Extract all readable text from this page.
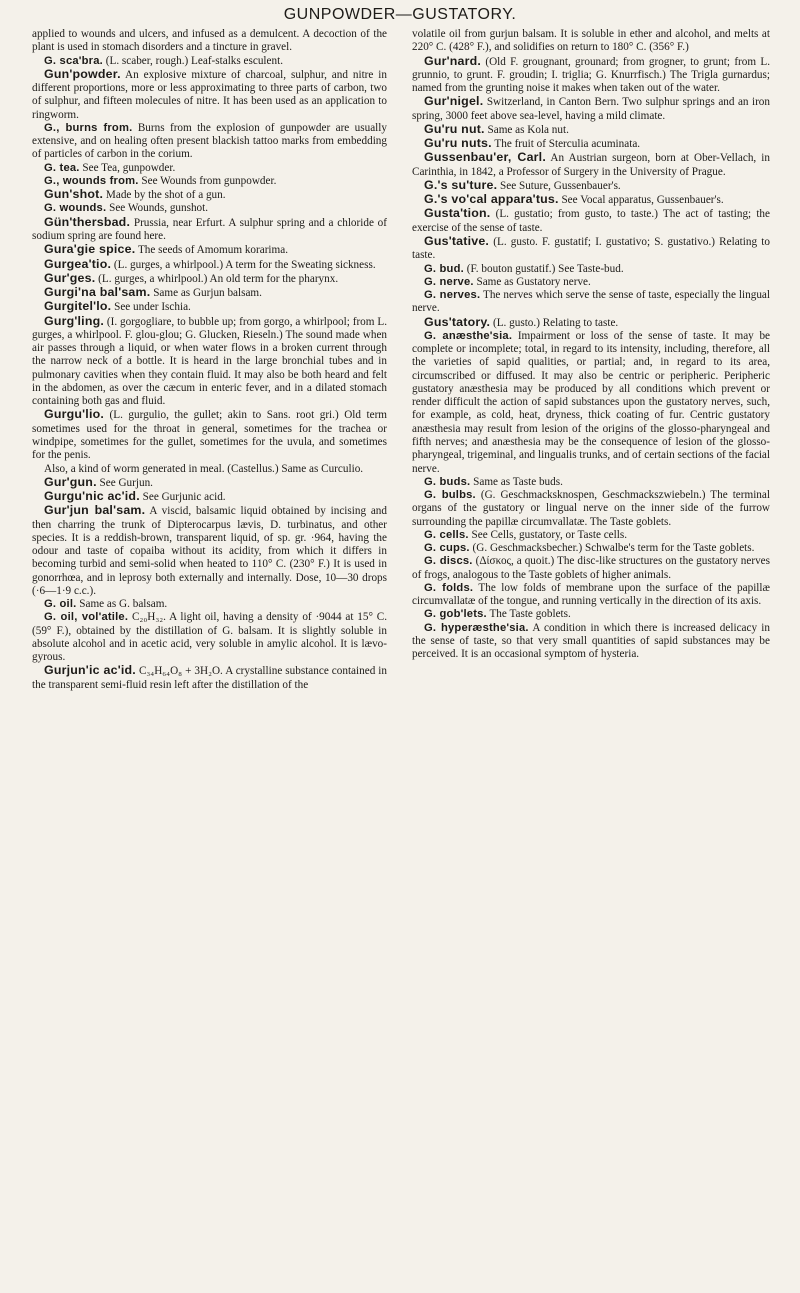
GUNPOWDER—GUSTATORY.

applied to wounds and ulcers, and infused as a demulcent. A decoction of the plant is used in stomach disorders and a tincture in gravel.

G. sca'bra. (L. scaber, rough.) Leaf-stalks esculent.

Gun'powder. An explosive mixture of charcoal, sulphur, and nitre in different proportions, more or less approximating to three parts of carbon, two of sulphur, and fifteen molecules of nitre. It has been used as an application to ringworm.

G., burns from. Burns from the explosion of gunpowder are usually extensive, and on healing often present blackish tattoo marks from embedding of particles of carbon in the corium.

G. tea. See Tea, gunpowder.

G., wounds from. See Wounds from gunpowder.

Gun'shot. Made by the shot of a gun.

G. wounds. See Wounds, gunshot.

Gün'thersbad. Prussia, near Erfurt. A sulphur spring and a chloride of sodium spring are found here.

Gura'gie spice. The seeds of Amomum korarima.

Gurgea'tio. (L. gurges, a whirlpool.) A term for the Sweating sickness.

Gur'ges. (L. gurges, a whirlpool.) An old term for the pharynx.

Gurgi'na bal'sam. Same as Gurjun balsam.

Gurgitel'lo. See under Ischia.

Gurg'ling. (I. gorgogliare, to bubble up; from gorgo, a whirlpool; from L. gurges, a whirlpool. F. glou-glou; G. Glucken, Rieseln.) The sound made when air passes through a liquid, or when water flows in a broken current through the narrow neck of a bottle. It is heard in the large bronchial tubes and in pulmonary cavities when they contain fluid. It may also be both heard and felt in the abdomen, as over the cæcum in enteric fever, and in a dilated stomach containing both gas and fluid.

Gurgu'lio. (L. gurgulio, the gullet; akin to Sans. root gri.) Old term sometimes used for the throat in general, sometimes for the trachea or windpipe, sometimes for the gullet, sometimes for the uvula, and sometimes for the penis.

Also, a kind of worm generated in meal. (Castellus.) Same as Curculio.

Gur'gun. See Gurjun.

Gurgu'nic ac'id. See Gurjunic acid.

Gur'jun bal'sam. A viscid, balsamic liquid obtained by incising and then charring the trunk of Dipterocarpus lævis, D. turbinatus, and other species. It is a reddish-brown, transparent liquid, of sp. gr. ·964, having the odour and taste of copaiba without its acidity, from which it differs in becoming turbid and semi-solid when heated to 110° C. (230° F.) It is used in gonorrhœa, and in leprosy both externally and internally. Dose, 10—30 drops (·6—1·9 c.c.).

G. oil. Same as G. balsam.

G. oil, vol'atile. C₂₀H₃₂. A light oil, having a density of ·9044 at 15° C. (59° F.), obtained by the distillation of G. balsam. It is slightly soluble in absolute alcohol and in acetic acid, very soluble in amylic alcohol. It is lævo-gyrous.

Gurjun'ic ac'id. C₃₄H₆₄O₈ + 3H₂O. A crystalline substance contained in the transparent semi-fluid resin left after the distillation of the

volatile oil from gurjun balsam. It is soluble in ether and alcohol, and melts at 220° C. (428° F.), and solidifies on return to 180° C. (356° F.)

Gur'nard. (Old F. grougnant, grounard; from grogner, to grunt; from L. grunnio, to grunt. F. groudin; I. triglia; G. Knurrfisch.) The Trigla gurnardus; named from the grunting noise it makes when taken out of the water.

Gur'nigel. Switzerland, in Canton Bern. Two sulphur springs and an iron spring, 3000 feet above sea-level, having a mild climate.

Gu'ru nut. Same as Kola nut.

Gu'ru nuts. The fruit of Sterculia acuminata.

Gussenbau'er, Carl. An Austrian surgeon, born at Ober-Vellach, in Carinthia, in 1842, a Professor of Surgery in the University of Prague.

G.'s su'ture. See Suture, Gussenbauer's.

G.'s vo'cal appara'tus. See Vocal apparatus, Gussenbauer's.

Gusta'tion. (L. gustatio; from gusto, to taste.) The act of tasting; the exercise of the sense of taste.

Gus'tative. (L. gusto. F. gustatif; I. gustativo; S. gustativo.) Relating to taste.

G. bud. (F. bouton gustatif.) See Taste-bud.

G. nerve. Same as Gustatory nerve.

G. nerves. The nerves which serve the sense of taste, especially the lingual nerve.

Gus'tatory. (L. gusto.) Relating to taste.

G. anæsthe'sia. Impairment or loss of the sense of taste. It may be complete or incomplete; total, in regard to its intensity, including, therefore, all the varieties of sapid qualities, or partial; and, in regard to its area, circumscribed or diffused. It may also be centric or peripheric. Peripheric gustatory anæsthesia may be produced by all conditions which prevent or render difficult the action of sapid substances upon the gustatory nerves, such, for example, as cold, heat, dryness, thick coating of fur. Centric gustatory anæsthesia may result from lesion of the origins of the glosso-pharyngeal and fifth nerves; and anæsthesia may be the consequence of lesion of the glosso-pharyngeal, trigeminal, and lingualis trunks, and of certain sections of the facial nerve.

G. buds. Same as Taste buds.

G. bulbs. (G. Geschmacksknospen, Geschmackszwiebeln.) The terminal organs of the gustatory or lingual nerve on the inner side of the furrow surrounding the papillæ circumvallatæ. The Taste goblets.

G. cells. See Cells, gustatory, or Taste cells.

G. cups. (G. Geschmacksbecher.) Schwalbe's term for the Taste goblets.

G. discs. (Δίσκος, a quoit.) The disc-like structures on the gustatory nerves of frogs, analogous to the Taste goblets of higher animals.

G. folds. The low folds of membrane upon the surface of the papillæ circumvallatæ of the tongue, and running vertically in the direction of its axis.

G. gob'lets. The Taste goblets.

G. hyperæsthe'sia. A condition in which there is increased delicacy in the sense of taste, so that very small quantities of sapid substances may be perceived. It is an occasional symptom of hysteria.
